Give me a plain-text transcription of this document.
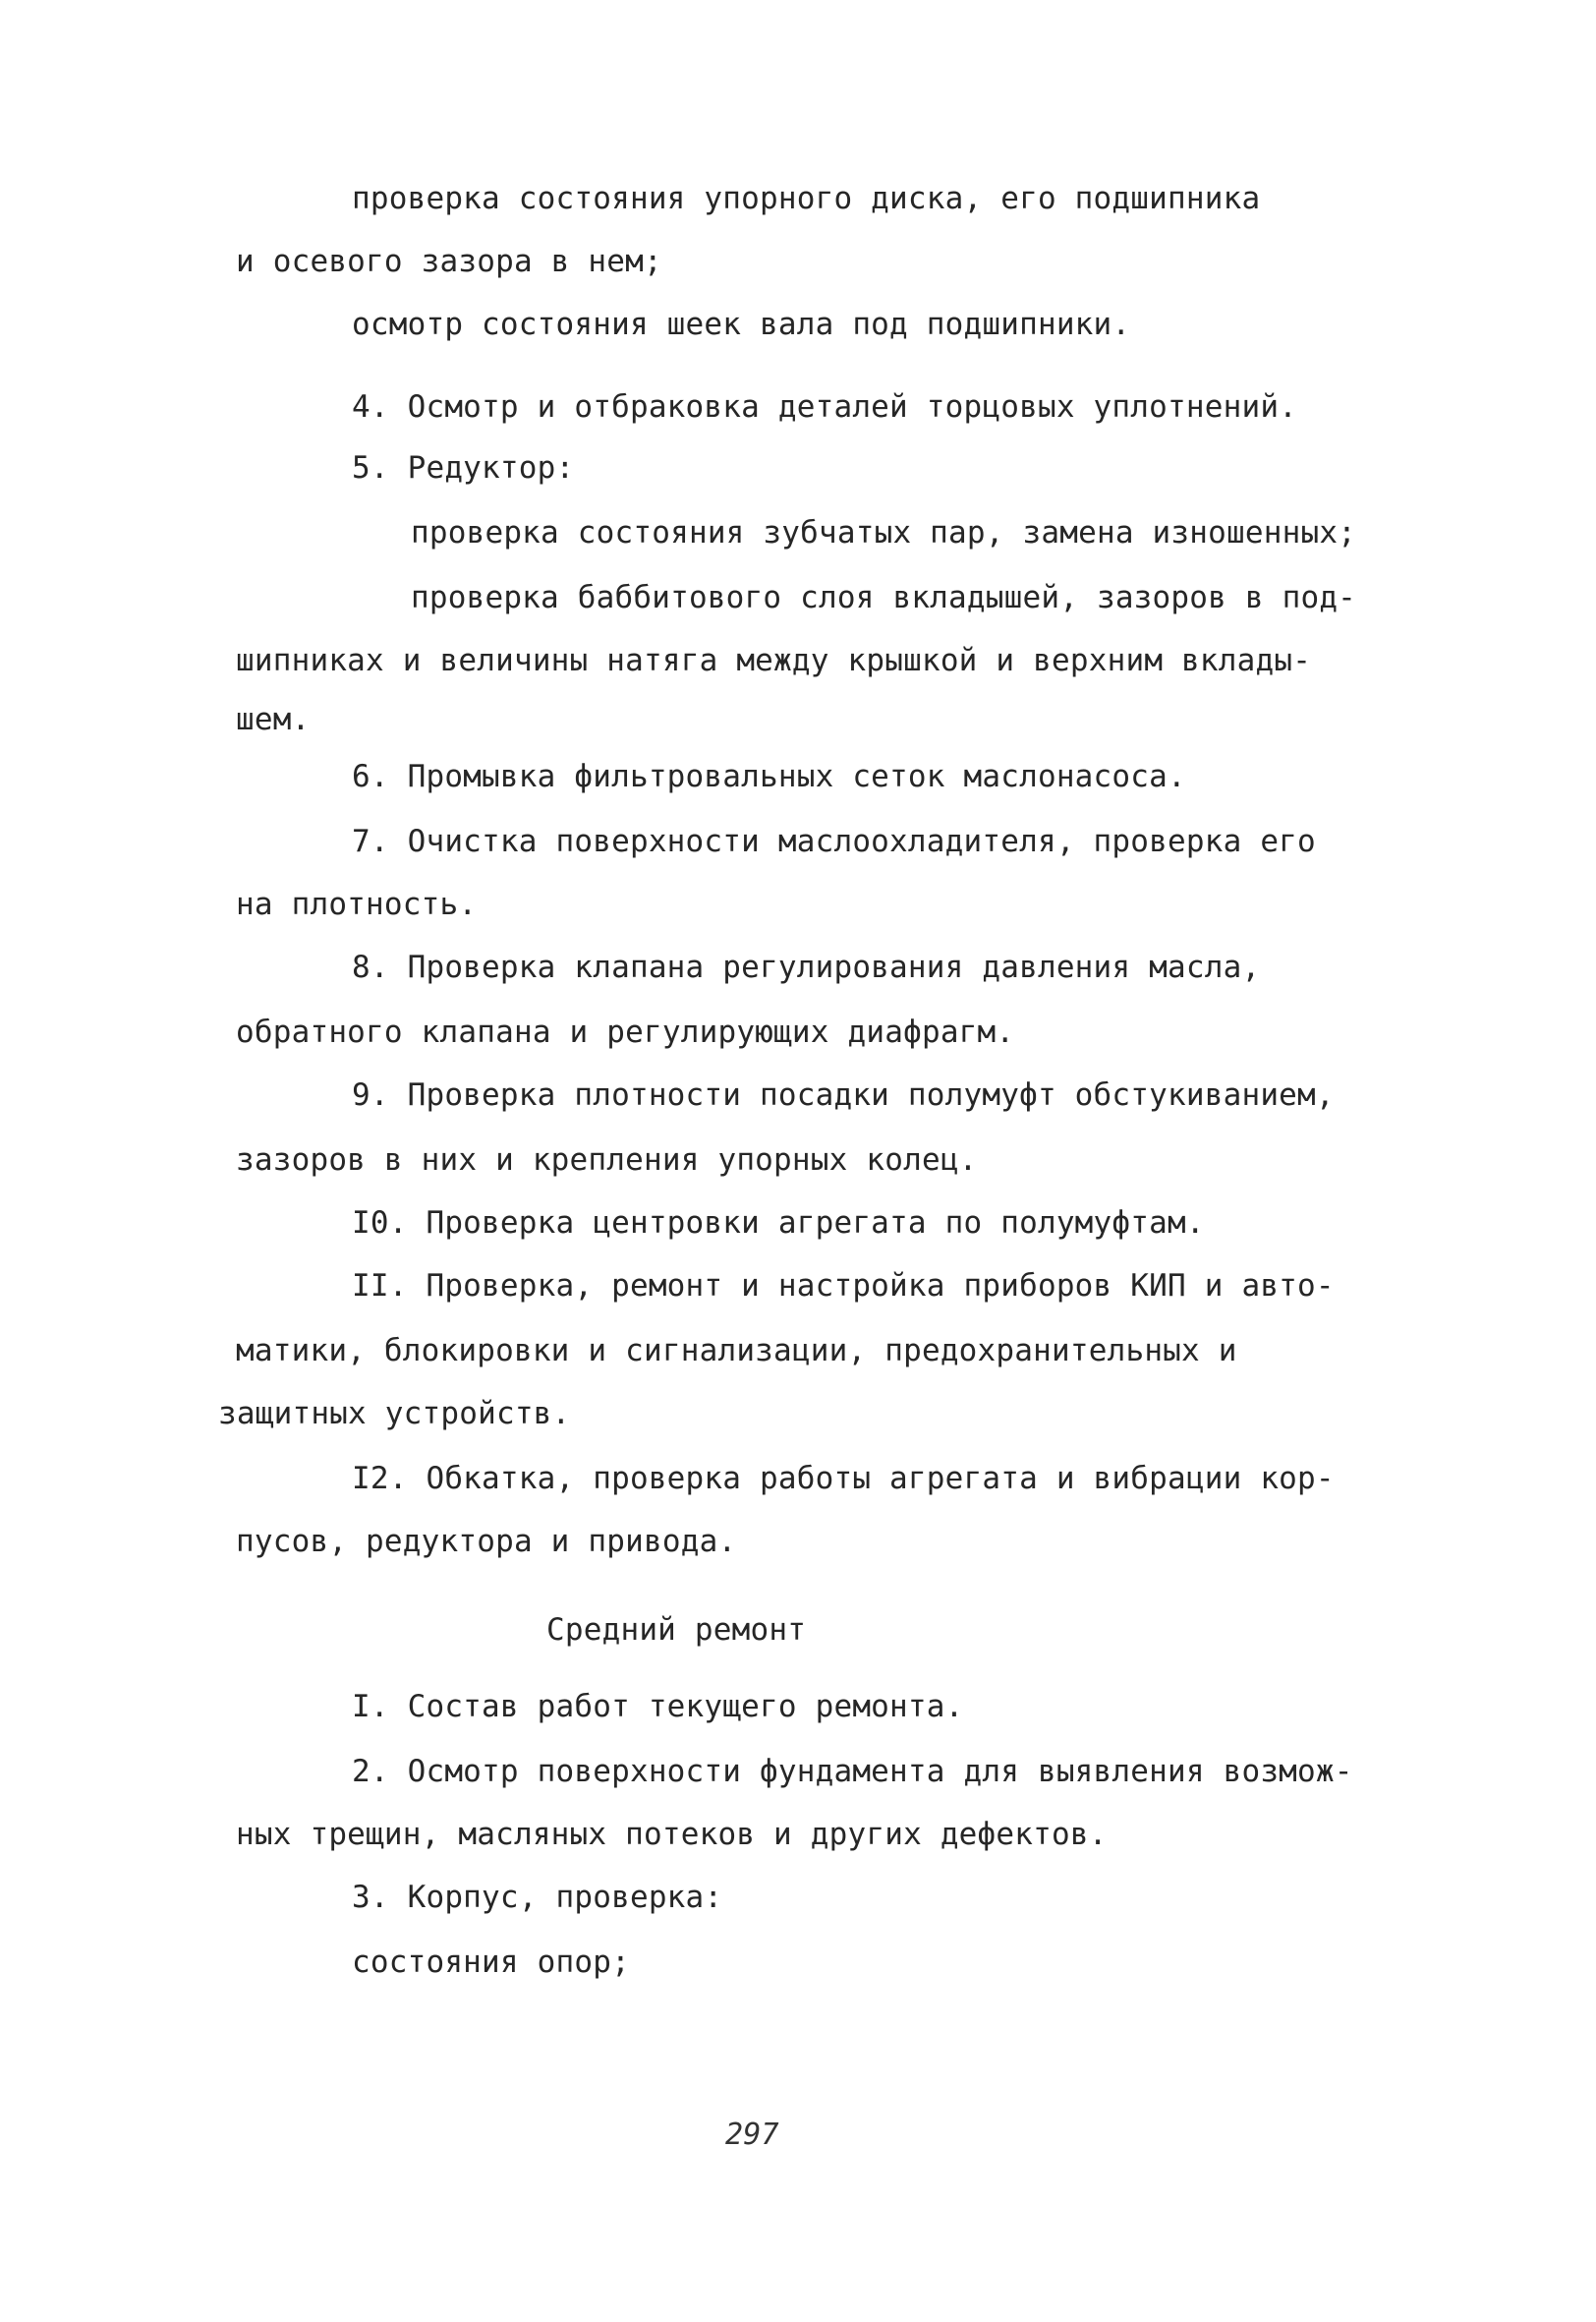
проверка состояния упорного диска, его подшипника
и осевого зазора в нем;
осмотр состояния шеек вала под подшипники.
4. Осмотр и отбраковка деталей торцовых уплотнений.
5. Редуктор:
проверка состояния зубчатых пар, замена изношенных;
проверка баббитового слоя вкладышей, зазоров в под-
шипниках и величины натяга между крышкой и верхним вклады-
шем.
6. Промывка фильтровальных сеток маслонасоса.
7. Очистка поверхности маслоохладителя, проверка его
на плотность.
8. Проверка клапана регулирования давления масла,
обратного клапана и регулирующих диафрагм.
9. Проверка плотности посадки полумуфт обстукиванием,
зазоров в них и крепления упорных колец.
I0. Проверка центровки агрегата по полумуфтам.
II. Проверка, ремонт и настройка приборов КИП и авто-
матики, блокировки и сигнализации, предохранительных и
защитных устройств.
I2. Обкатка, проверка работы агрегата и вибрации кор-
пусов, редуктора и привода.
Средний ремонт
I. Состав работ текущего ремонта.
2. Осмотр поверхности фундамента для выявления возмож-
ных трещин, масляных потеков и других дефектов.
3. Корпус, проверка:
состояния опор;
297
